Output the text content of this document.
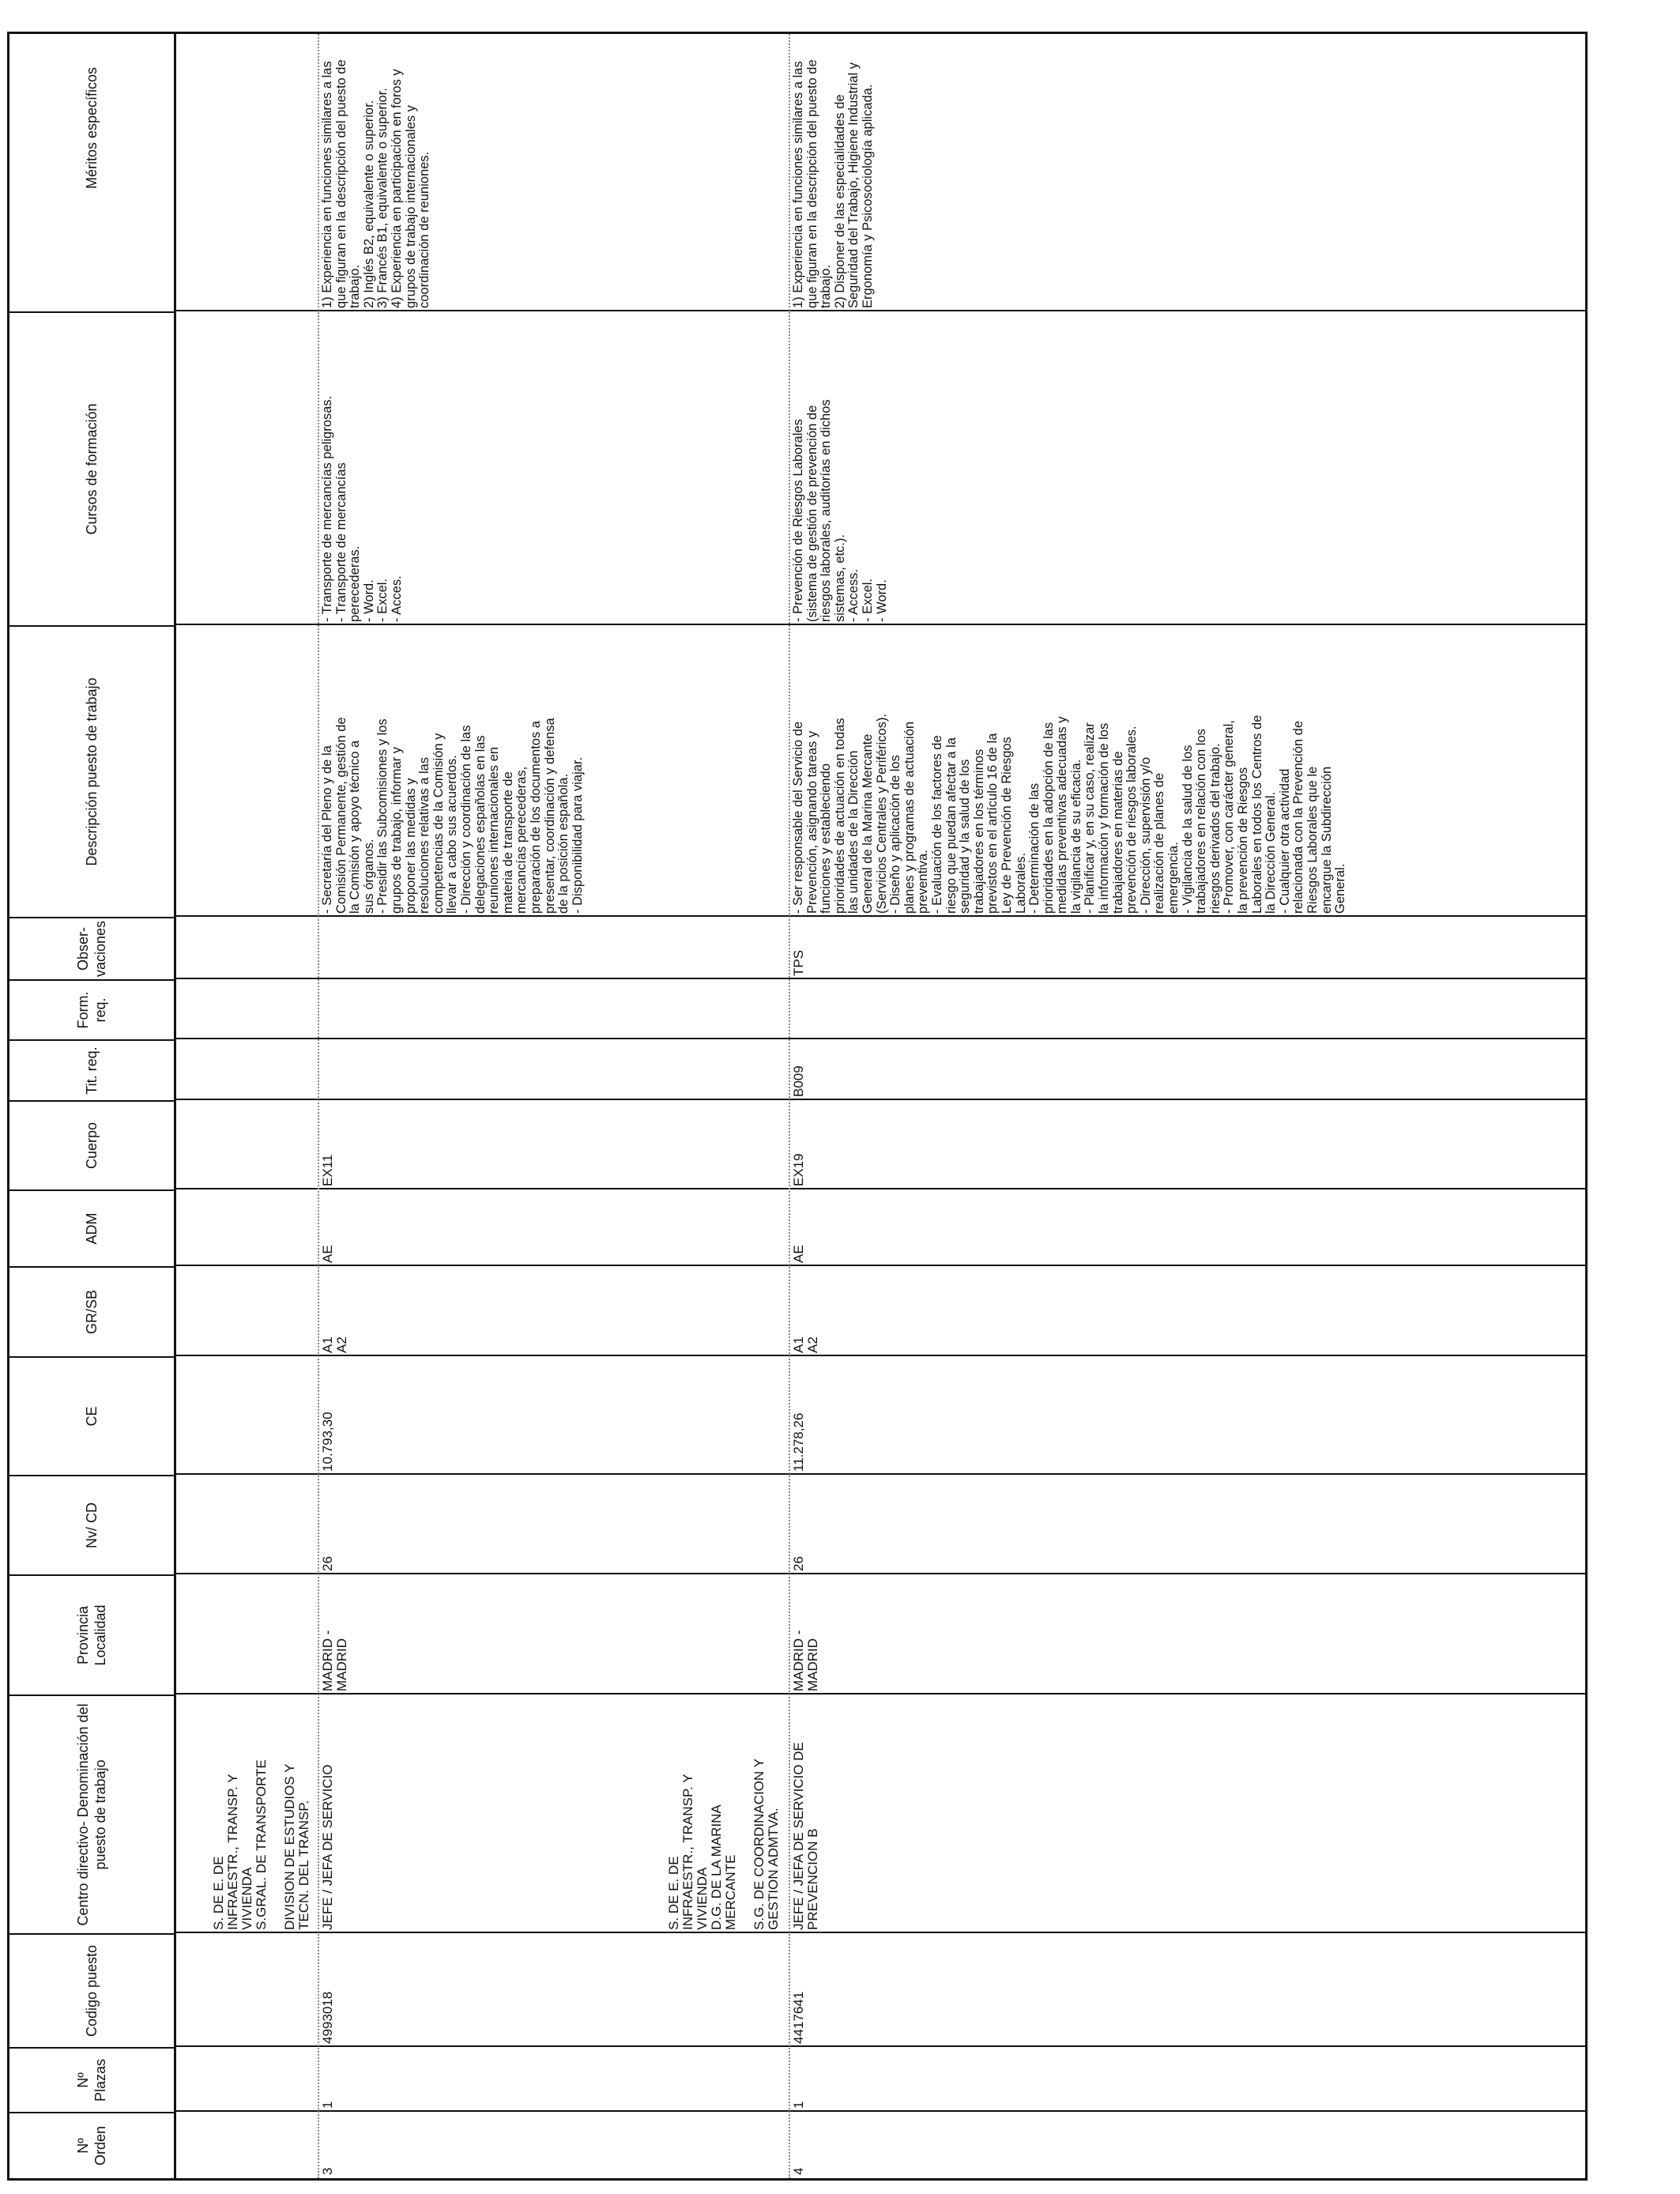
Nº Orden
Nº Plazas
Codigo puesto
Centro directivo- Denominación del puesto de trabajo
Provincia Localidad
Nv/ CD
CE
GR/SB
ADM
Cuerpo
Tit. req.
Form. req.
Obser- vaciones
Descripción puesto de trabajo
Cursos de formación
Méritos específicos
3
1
4993018
S. DE E. DE
INFRAESTR., TRANSP. Y
VIVIENDA
S.GRAL. DE TRANSPORTE

DIVISION DE ESTUDIOS Y
TECN. DEL TRANSP. JEFE / JEFA DE SERVICIO
MADRID -
MADRID
26
10.793,30
A1
A2
AE
EX11
- Secretaría del Pleno y de la
Comisión Permanente, gestión de
la Comisión y apoyo técnico a
sus órganos.
- Presidir las Subcomisiones y los
grupos de trabajo, informar y
proponer las medidas y
resoluciones relativas a las
competencias de la Comisión y
llevar a cabo sus acuerdos.
- Dirección y coordinación de las
delegaciones españolas en las
reuniones internacionales en
materia de transporte de
mercancías perecederas,
preparación de los documentos a
presentar, coordinación y defensa
de la posición española.
- Disponibilidad para viajar.
- Transporte de mercancías peligrosas.
- Transporte de mercancías
perecederas.
- Word.
- Excel.
- Acces.
1) Experiencia en funciones similares a las
que figuran en la descripción del puesto de
trabajo.
2) Inglés B2, equivalente o superior.
3) Francés B1, equivalente o superior.
4) Experiencia en participación en foros y
grupos de trabajo internacionales y
coordinación de reuniones.
4
1
4417641
S. DE E. DE
INFRAESTR., TRANSP. Y
VIVIENDA
D.G. DE LA MARINA
MERCANTE

S.G. DE COORDINACION Y
GESTION ADMTVA.
JEFE / JEFA DE SERVICIO DE
PREVENCION B
MADRID -
MADRID
26
11.278,26
A1
A2
AE
EX19
B009
TPS
- Ser responsable del Servicio de
Prevención, asignando tareas y
funciones y estableciendo
prioridades de actuación en todas
las unidades de la Dirección
General de la Marina Mercante
(Servicios Centrales y Periféricos).
- Diseño y aplicación de los
planes y programas de actuación
preventiva.
- Evaluación de los factores de
riesgo que puedan afectar a la
seguridad y la salud de los
trabajadores en los términos
previstos en el artículo 16 de la
Ley de Prevención de Riesgos
Laborales.
- Determinación de las
prioridades en la adopción de las
medidas preventivas adecuadas y
la vigilancia de su eficacia.
- Planificar y, en su caso, realizar
la información y formación de los
trabajadores en materias de
prevención de riesgos laborales.
- Dirección, supervisión y/o
realización de planes de
emergencia.
- Vigilancia de la salud de los
trabajadores en relación con los
riesgos derivados del trabajo.
- Promover, con carácter general,
la prevención de Riesgos
Laborales en todos los Centros de
la Dirección General.
- Cualquier otra actividad
relacionada con la Prevención de
Riesgos Laborales que le
encargue la Subdirección
General.
- Prevención de Riesgos Laborales
(sistema de gestión de prevención de
riesgos laborales, auditorías en dichos
sistemas, etc.).
- Access.
- Excel.
- Word.
1) Experiencia en funciones similares a las
que figuran en la descripción del puesto de
trabajo.
2) Disponer de las especialidades de
Seguridad del Trabajo, Higiene Industrial y
Ergonomía y Psicosociología aplicada.
